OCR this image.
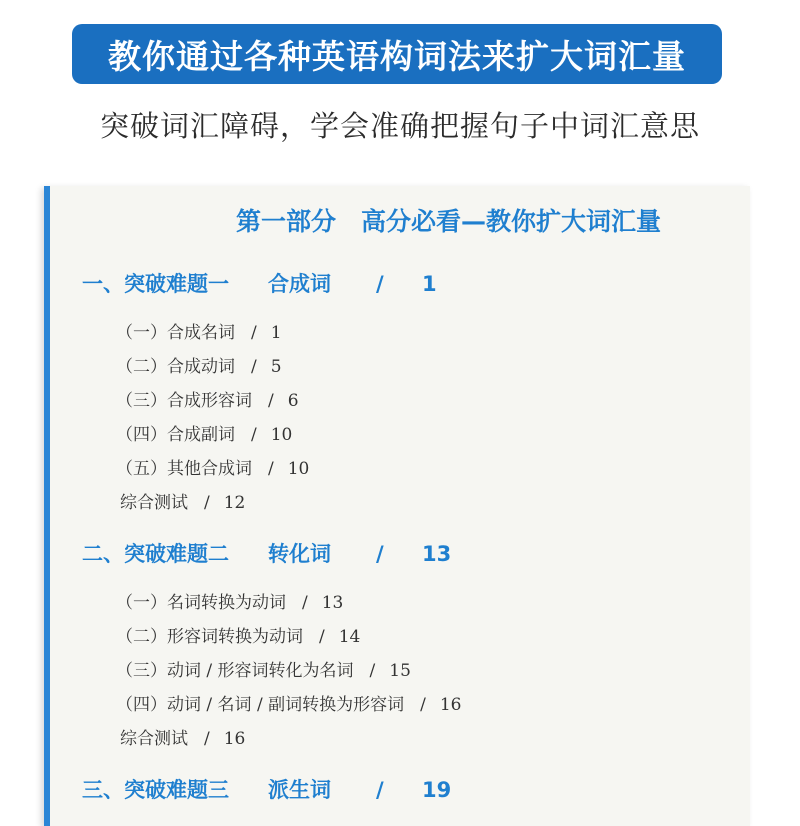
教你通过各种英语构词法来扩大词汇量
突破词汇障碍，学会准确把握句子中词汇意思
第一部分　高分必看—教你扩大词汇量
一、突破难题一 合成词 / 1
（一）合成名词 / 1
（二）合成动词 / 5
（三）合成形容词 / 6
（四）合成副词 / 10
（五）其他合成词 / 10
综合测试 / 12
二、突破难题二 转化词 / 13
（一）名词转换为动词 / 13
（二）形容词转换为动词 / 14
（三）动词 / 形容词转化为名词 / 15
（四）动词 / 名词 / 副词转换为形容词 / 16
综合测试 / 16
三、突破难题三 派生词 / 19
